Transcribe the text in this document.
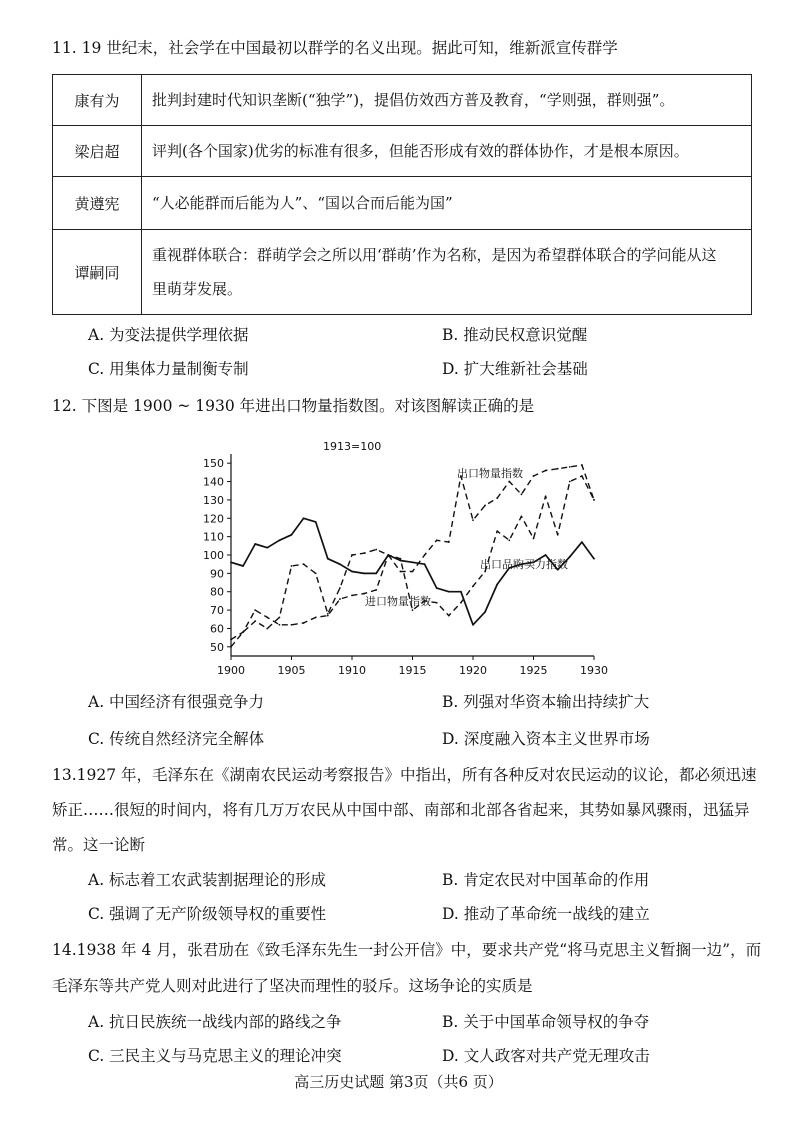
11. 19 世纪末，社会学在中国最初以群学的名义出现。据此可知，维新派宣传群学
康有为	批判封建时代知识垄断(“独学”)，提倡仿效西方普及教育，“学则强，群则强”。
梁启超	评判(各个国家)优劣的标准有很多，但能否形成有效的群体协作，才是根本原因。
黄遵宪	“人必能群而后能为人”、“国以合而后能为国”
谭嗣同	重视群体联合：群萌学会之所以用‘群萌’作为名称，是因为希望群体联合的学问能从这
里萌芽发展。
A. 为变法提供学理依据	B. 推动民权意识觉醒
C. 用集体力量制衡专制	D. 扩大维新社会基础
12. 下图是 1900 ~ 1930 年进出口物量指数图。对该图解读正确的是
150
140
130
120
110
100
90
80
70
60
50
1900	1905	1910	1915	1920	1925	1930
1913=100
出口物量指数
出口品购买力指数
进口物量指数
A. 中国经济有很强竞争力	B. 列强对华资本输出持续扩大
C. 传统自然经济完全解体	D. 深度融入资本主义世界市场
13.1927 年，毛泽东在《湖南农民运动考察报告》中指出，所有各种反对农民运动的议论，都必须迅速
矫正……很短的时间内，将有几万万农民从中国中部、南部和北部各省起来，其势如暴风骤雨，迅猛异
常。这一论断
A. 标志着工农武装割据理论的形成	B. 肯定农民对中国革命的作用
C. 强调了无产阶级领导权的重要性	D. 推动了革命统一战线的建立
14.1938 年 4 月，张君劢在《致毛泽东先生一封公开信》中，要求共产党“将马克思主义暂搁一边”，而
毛泽东等共产党人则对此进行了坚决而理性的驳斥。这场争论的实质是
A. 抗日民族统一战线内部的路线之争	B. 关于中国革命领导权的争夺
C. 三民主义与马克思主义的理论冲突	D. 文人政客对共产党无理攻击
高三历史试题 第3页（共6 页）
